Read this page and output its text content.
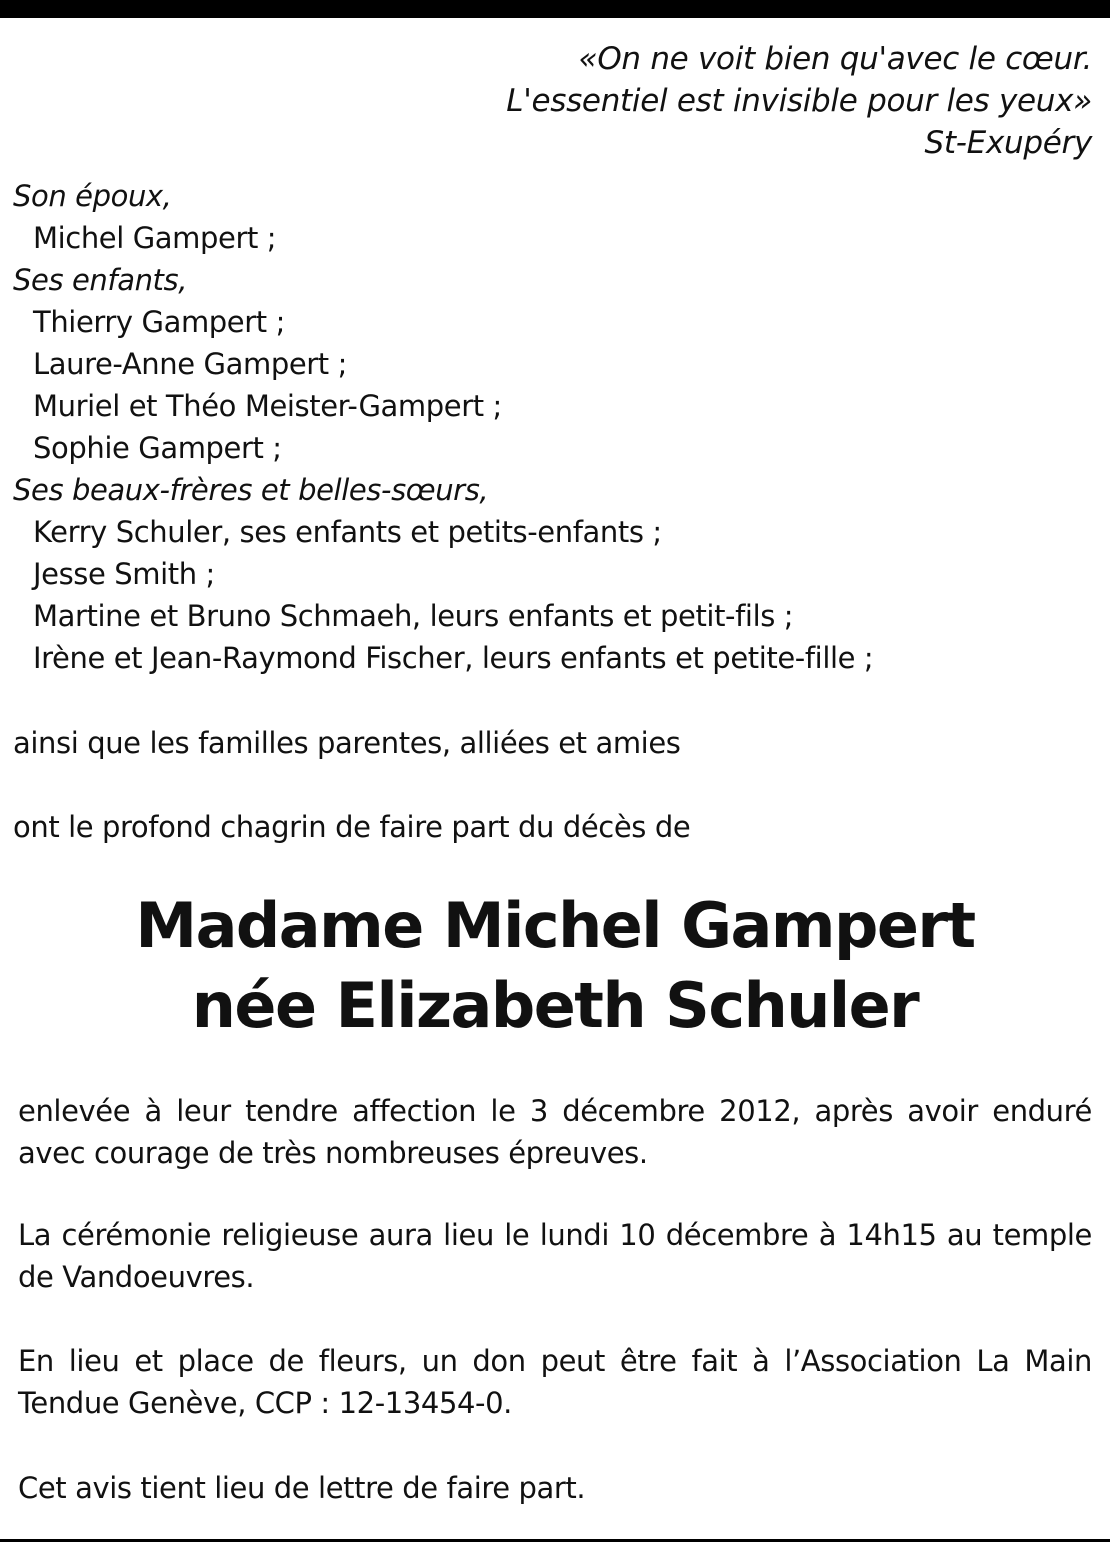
«On ne voit bien qu'avec le cœur.
L'essentiel est invisible pour les yeux»
St-Exupéry
Son époux,
Michel Gampert ;
Ses enfants,
Thierry Gampert ;
Laure-Anne Gampert ;
Muriel et Théo Meister-Gampert ;
Sophie Gampert ;
Ses beaux-frères et belles-sœurs,
Kerry Schuler, ses enfants et petits-enfants ;
Jesse Smith ;
Martine et Bruno Schmaeh, leurs enfants et petit-fils ;
Irène et Jean-Raymond Fischer, leurs enfants et petite-fille ;
ainsi que les familles parentes, alliées et amies
ont le profond chagrin de faire part du décès de
Madame Michel Gampert
née Elizabeth Schuler
enlevée à leur tendre affection le 3 décembre 2012, après avoir enduré avec courage de très nombreuses épreuves.
La cérémonie religieuse aura lieu le lundi 10 décembre à 14h15 au temple de Vandoeuvres.
En lieu et place de fleurs, un don peut être fait à l’Association La Main Tendue Genève, CCP : 12-13454-0.
Cet avis tient lieu de lettre de faire part.
